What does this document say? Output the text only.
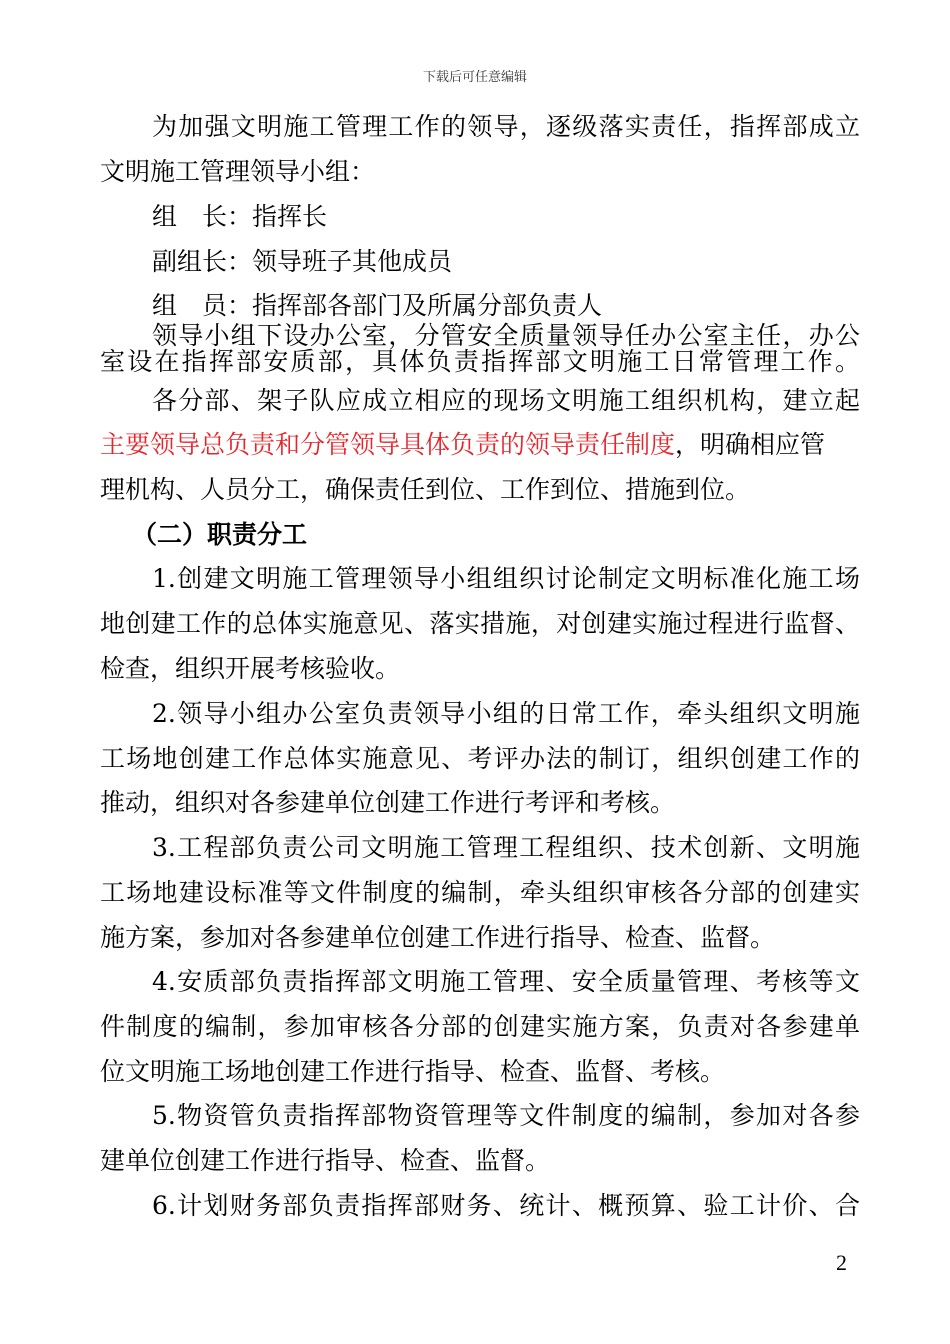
下载后可任意编辑
为加强文明施工管理工作的领导，逐级落实责任，指挥部成立
文明施工管理领导小组：
组　长：指挥长
副组长：领导班子其他成员
组　员：指挥部各部门及所属分部负责人
领导小组下设办公室，分管安全质量领导任办公室主任，办公
室设在指挥部安质部，具体负责指挥部文明施工日常管理工作。
各分部、架子队应成立相应的现场文明施工组织机构，建立起
主要领导总负责和分管领导具体负责的领导责任制度，明确相应管
理机构、人员分工，确保责任到位、工作到位、措施到位。
（二）职责分工
1.创建文明施工管理领导小组组织讨论制定文明标准化施工场
地创建工作的总体实施意见、落实措施，对创建实施过程进行监督、
检查，组织开展考核验收。
2.领导小组办公室负责领导小组的日常工作，牵头组织文明施
工场地创建工作总体实施意见、考评办法的制订，组织创建工作的
推动，组织对各参建单位创建工作进行考评和考核。
3.工程部负责公司文明施工管理工程组织、技术创新、文明施
工场地建设标准等文件制度的编制，牵头组织审核各分部的创建实
施方案，参加对各参建单位创建工作进行指导、检查、监督。
4.安质部负责指挥部文明施工管理、安全质量管理、考核等文
件制度的编制，参加审核各分部的创建实施方案，负责对各参建单
位文明施工场地创建工作进行指导、检查、监督、考核。
5.物资管负责指挥部物资管理等文件制度的编制，参加对各参
建单位创建工作进行指导、检查、监督。
6.计划财务部负责指挥部财务、统计、概预算、验工计价、合
2
